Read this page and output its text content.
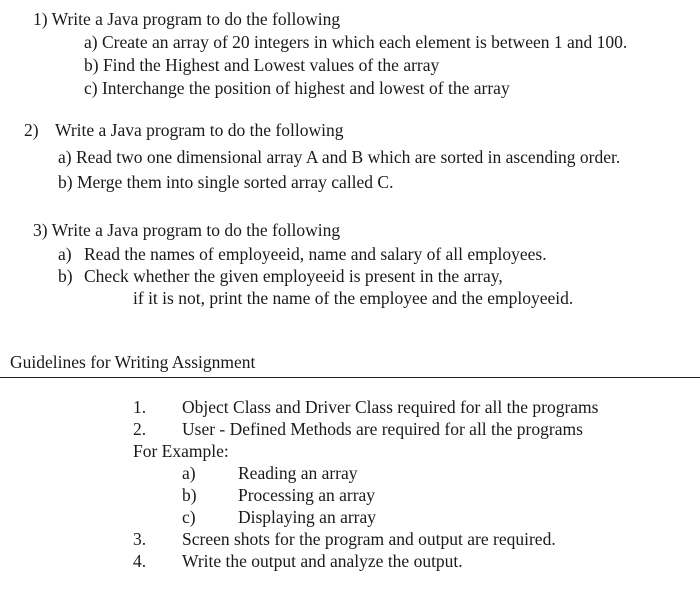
1) Write a Java program to do the following
a) Create an array of 20 integers in which each element is between 1 and 100.
b) Find the Highest and Lowest values of the array
c) Interchange the position of highest and lowest of the array
2) Write a Java program to do the following
a) Read two one dimensional array A and B which are sorted in ascending order.
b) Merge them into single sorted array called C.
3) Write a Java program to do the following
a) Read the names of employeeid, name and salary of all employees.
b) Check whether the given employeeid is present in the array,
if it is not, print the name of the employee and the employeeid.
Guidelines for Writing Assignment
1. Object Class and Driver Class required for all the programs
2. User - Defined Methods are required for all the programs
For Example:
a) Reading an array
b) Processing an array
c) Displaying an array
3. Screen shots for the program and output are required.
4. Write the output and analyze the output.
